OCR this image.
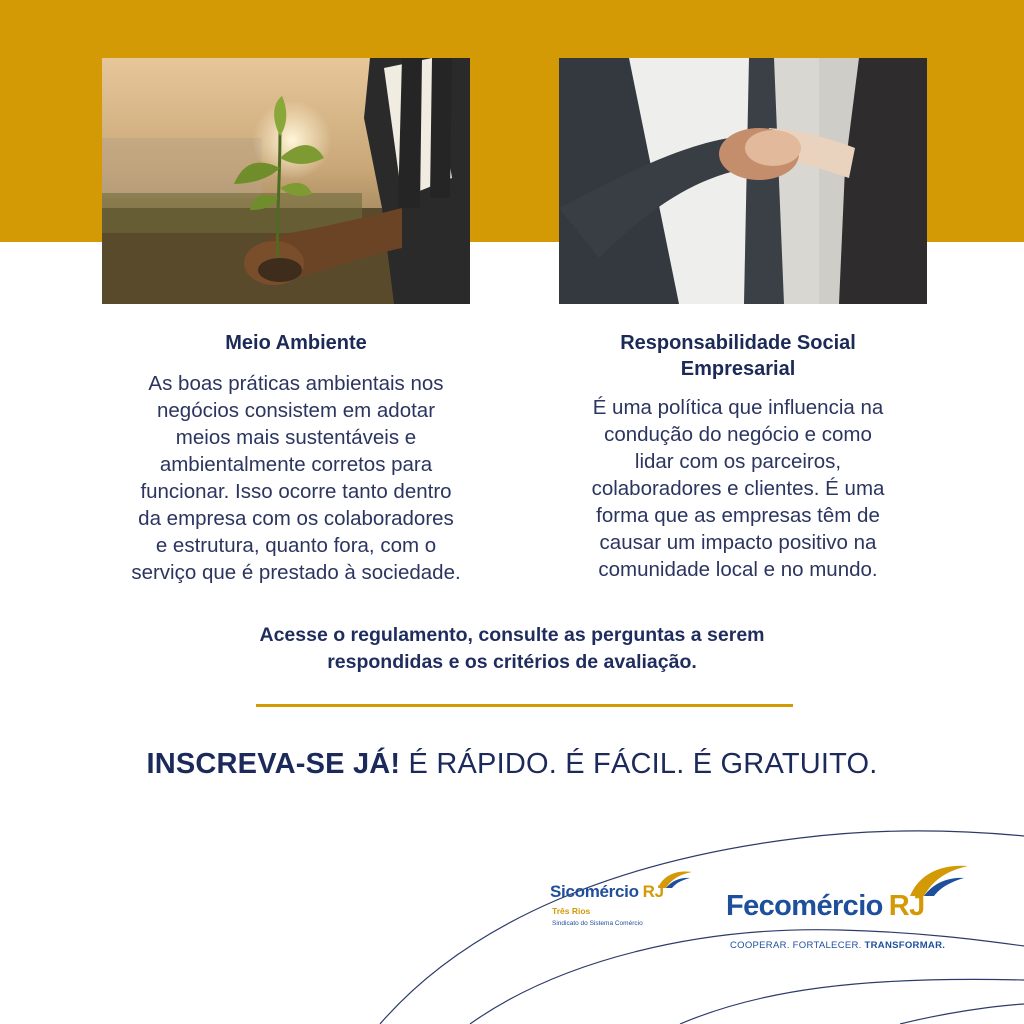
Meio Ambiente

As boas práticas ambientais nos
negócios consistem em adotar
meios mais sustentáveis e
ambientalmente corretos para
funcionar. Isso ocorre tanto dentro
da empresa com os colaboradores
e estrutura, quanto fora, com o
serviço que é prestado à sociedade.

Responsabilidade Social
Empresarial

É uma política que influencia na
condução do negócio e como
lidar com os parceiros,
colaboradores e clientes. É uma
forma que as empresas têm de
causar um impacto positivo na
comunidade local e no mundo.

Acesse o regulamento, consulte as perguntas a serem
respondidas e os critérios de avaliação.
INSCREVA-SE JÁ! É RÁPIDO. É FÁCIL. É GRATUITO.
Sicomércio RJ
Três Rios
Sindicato do Sistema Comércio
Fecomércio RJ
COOPERAR. FORTALECER. TRANSFORMAR.
